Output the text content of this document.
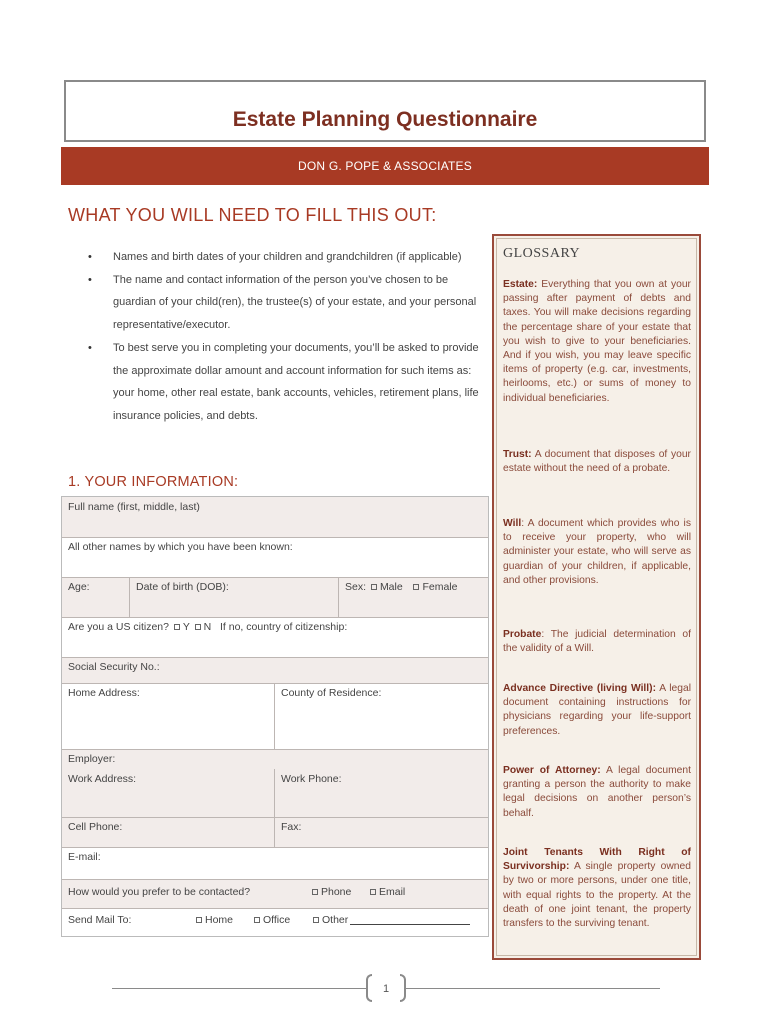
Estate Planning Questionnaire
DON G. POPE & ASSOCIATES
WHAT YOU WILL NEED TO FILL THIS OUT:
• Names and birth dates of your children and grandchildren (if applicable)
• The name and contact information of the person you’ve chosen to be guardian of your child(ren), the trustee(s) of your estate, and your personal representative/executor.
• To best serve you in completing your documents, you’ll be asked to provide the approximate dollar amount and account information for such items as: your home, other real estate, bank accounts, vehicles, retirement plans, life insurance policies, and debts.
1. YOUR INFORMATION:
Full name (first, middle, last)
All other names by which you have been known:
Age:	Date of birth (DOB):	Sex: Male Female
Are you a US citizen? Y N If no, country of citizenship:
Social Security No.:
Home Address:	County of Residence:
Employer:
Work Address:	Work Phone:
Cell Phone:	Fax:
E-mail:
How would you prefer to be contacted?	Phone	Email
Send Mail To:	Home	Office	Other
GLOSSARY
Estate: Everything that you own at your passing after payment of debts and taxes. You will make decisions regarding the percentage share of your estate that you wish to give to your beneficiaries. And if you wish, you may leave specific items of property (e.g. car, investments, heirlooms, etc.) or sums of money to individual beneficiaries.
Trust: A document that disposes of your estate without the need of a probate.
Will: A document which provides who is to receive your property, who will administer your estate, who will serve as guardian of your children, if applicable, and other provisions.
Probate: The judicial determination of the validity of a Will.
Advance Directive (living Will): A legal document containing instructions for physicians regarding your life-support preferences.
Power of Attorney: A legal document granting a person the authority to make legal decisions on another person’s behalf.
Joint Tenants With Right of Survivorship: A single property owned by two or more persons, under one title, with equal rights to the property. At the death of one joint tenant, the property transfers to the surviving tenant.
1
